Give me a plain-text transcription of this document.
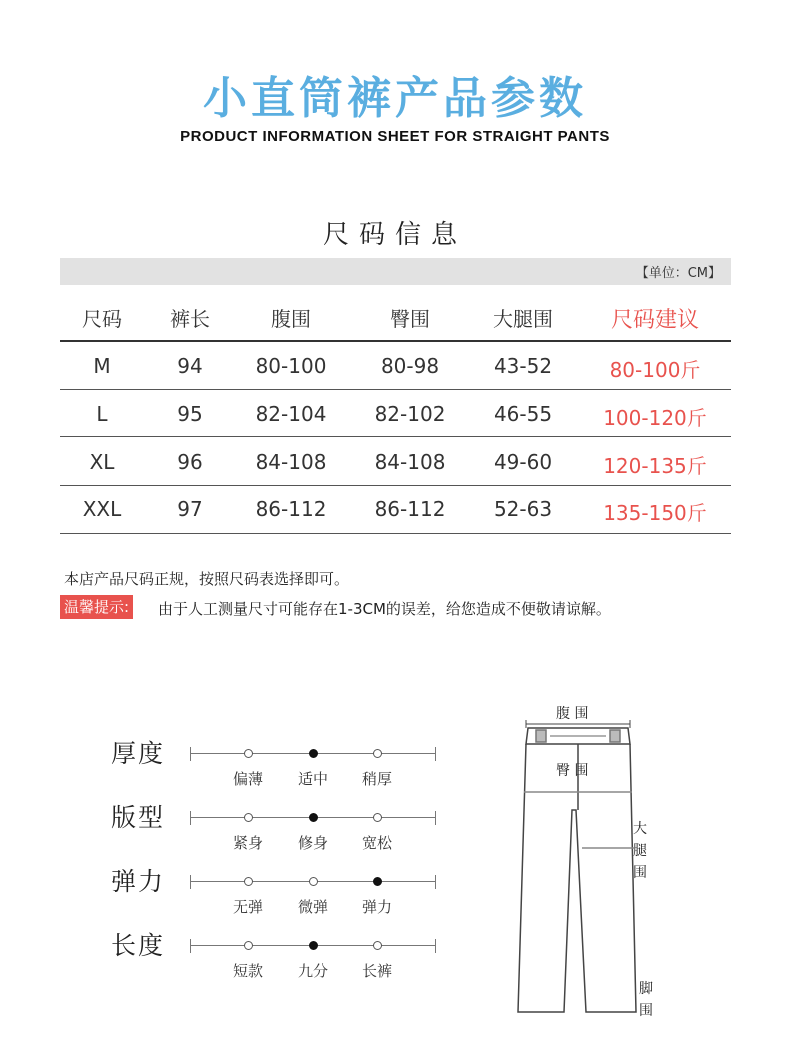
小直筒裤产品参数
PRODUCT INFORMATION SHEET FOR STRAIGHT PANTS
尺码信息
【单位：CM】
尺码	裤长	腹围	臀围	大腿围	尺码建议
M	94	80-100	80-98	43-52	80-100斤
L	95	82-104	82-102	46-55	100-120斤
XL	96	84-108	84-108	49-60	120-135斤
XXL	97	86-112	86-112	52-63	135-150斤
本店产品尺码正规，按照尺码表选择即可。
温馨提示: 由于人工测量尺寸可能存在1-3CM的误差，给您造成不便敬请谅解。
厚度
偏薄	适中	稍厚
版型
紧身	修身	宽松
弹力
无弹	微弹	弹力
长度
短款	九分	长裤
腹 围
臀 围
大腿围
脚围
